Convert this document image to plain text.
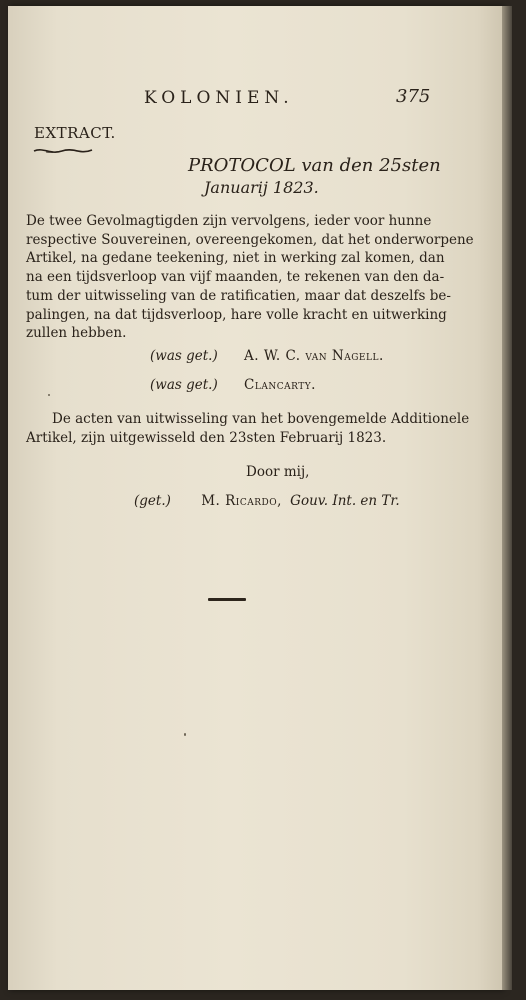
KOLONIEN.	375
EXTRACT.
PROTOCOL van den 25sten
Januarij 1823.
De twee Gevolmagtigden zijn vervolgens, ieder voor hunne
respective Souvereinen, overeengekomen, dat het onderworpene
Artikel, na gedane teekening, niet in werking zal komen, dan
na een tijdsverloop van vijf maanden, te rekenen van den da-
tum der uitwisseling van de ratificatien, maar dat deszelfs be-
palingen, na dat tijdsverloop, hare volle kracht en uitwerking
zullen hebben.
(was get.) A. W. C. van Nagell.
(was get.) Clancarty.
De acten van uitwisseling van het bovengemelde Additionele
Artikel, zijn uitgewisseld den 23sten Februarij 1823.
Door mij,
(get.) M. Ricardo, Gouv. Int. en Tr.
